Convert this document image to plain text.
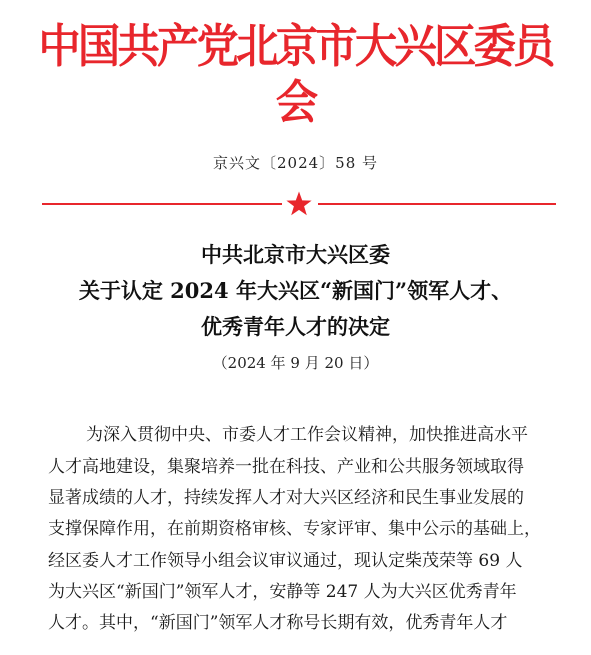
中国共产党北京市大兴区委员会
京兴文〔2024〕58 号
中共北京市大兴区委
关于认定 2024 年大兴区“新国门”领军人才、
优秀青年人才的决定
（2024 年 9 月 20 日）
为深入贯彻中央、市委人才工作会议精神，加快推进高水平
人才高地建设，集聚培养一批在科技、产业和公共服务领域取得
显著成绩的人才，持续发挥人才对大兴区经济和民生事业发展的
支撑保障作用，在前期资格审核、专家评审、集中公示的基础上，
经区委人才工作领导小组会议审议通过，现认定柴茂荣等 69 人
为大兴区“新国门”领军人才，安静等 247 人为大兴区优秀青年
人才。其中，“新国门”领军人才称号长期有效，优秀青年人才
